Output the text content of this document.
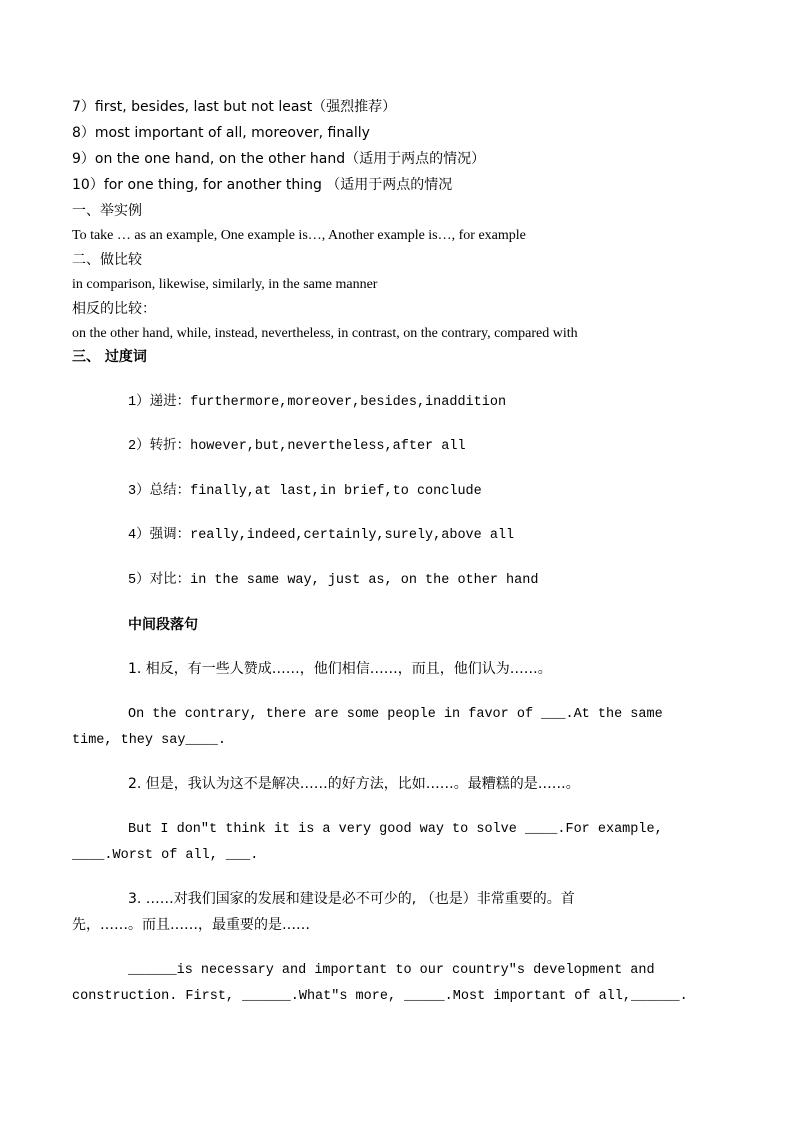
7）first, besides, last but not least（强烈推荐）
8）most important of all, moreover, finally
9）on the one hand, on the other hand（适用于两点的情况）
10）for one thing, for another thing （适用于两点的情况
一、举实例
To take … as an example, One example is…, Another example is…, for example
二、做比较
in comparison, likewise, similarly, in the same manner
相反的比较：
on the other hand, while, instead, nevertheless, in contrast, on the contrary, compared with
三、 过度词
1）递进：furthermore,moreover,besides,inaddition
2）转折：however,but,nevertheless,after all
3）总结：finally,at last,in brief,to conclude
4）强调：really,indeed,certainly,surely,above all
5）对比：in the same way, just as, on the other hand
中间段落句
1. 相反，有一些人赞成……，他们相信……，而且，他们认为……。
On the contrary, there are some people in favor of ___.At the same
time, they say____.
2. 但是，我认为这不是解决……的好方法，比如……。最糟糕的是……。
But I don"t think it is a very good way to solve ____.For example,
____.Worst of all, ___.
3. ……对我们国家的发展和建设是必不可少的, （也是）非常重要的。首
先，……。而且……，最重要的是……
______is necessary and important to our country"s development and
construction. First, ______.What"s more, _____.Most important of all,______.
